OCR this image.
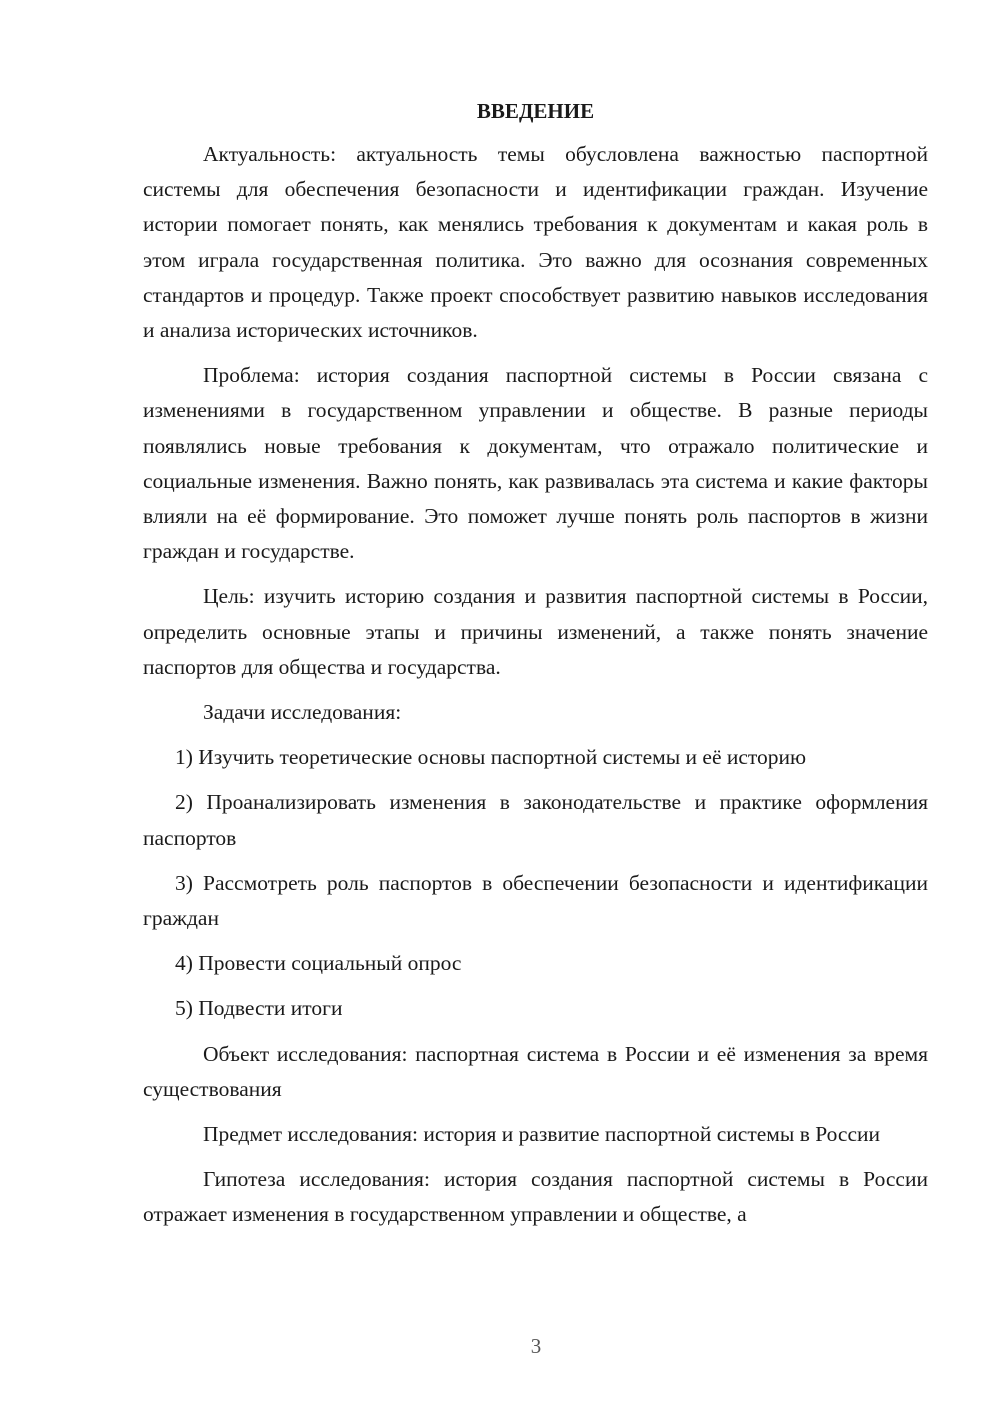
ВВЕДЕНИЕ

Актуальность: актуальность темы обусловлена важностью паспортной системы для обеспечения безопасности и идентификации граждан. Изучение истории помогает понять, как менялись требования к документам и какая роль в этом играла государственная политика. Это важно для осознания современных стандартов и процедур. Также проект способствует развитию навыков исследования и анализа исторических источников.

Проблема: история создания паспортной системы в России связана с изменениями в государственном управлении и обществе. В разные периоды появлялись новые требования к документам, что отражало политические и социальные изменения. Важно понять, как развивалась эта система и какие факторы влияли на её формирование. Это поможет лучше понять роль паспортов в жизни граждан и государстве.

Цель: изучить историю создания и развития паспортной системы в России, определить основные этапы и причины изменений, а также понять значение паспортов для общества и государства.

Задачи исследования:

1) Изучить теоретические основы паспортной системы и её историю

2) Проанализировать изменения в законодательстве и практике оформления паспортов

3) Рассмотреть роль паспортов в обеспечении безопасности и идентификации граждан

4) Провести социальный опрос

5) Подвести итоги

Объект исследования: паспортная система в России и её изменения за время существования

Предмет исследования: история и развитие паспортной системы в России

Гипотеза исследования: история создания паспортной системы в России отражает изменения в государственном управлении и обществе, а

3
